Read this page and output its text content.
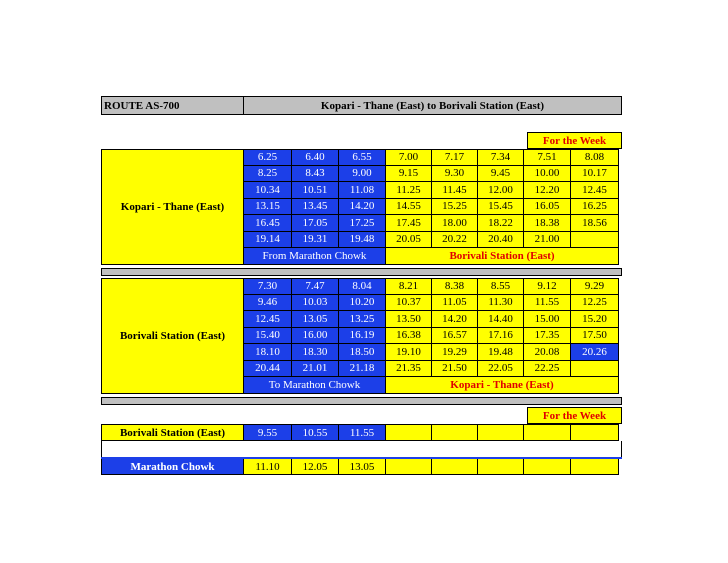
ROUTE AS-700	Kopari - Thane (East) to Borivali Station (East)
For the Week
6.25	6.40	6.55	7.00	7.17	7.34	7.51	8.08
8.25	8.43	9.00	9.15	9.30	9.45	10.00	10.17
10.34	10.51	11.08	11.25	11.45	12.00	12.20	12.45
13.15	13.45	14.20	14.55	15.25	15.45	16.05	16.25
16.45	17.05	17.25	17.45	18.00	18.22	18.38	18.56
19.14	19.31	19.48	20.05	20.22	20.40	21.00
Kopari - Thane (East)
From Marathon Chowk	Borivali Station (East)
7.30	7.47	8.04	8.21	8.38	8.55	9.12	9.29
9.46	10.03	10.20	10.37	11.05	11.30	11.55	12.25
12.45	13.05	13.25	13.50	14.20	14.40	15.00	15.20
15.40	16.00	16.19	16.38	16.57	17.16	17.35	17.50
18.10	18.30	18.50	19.10	19.29	19.48	20.08	20.26
20.44	21.01	21.18	21.35	21.50	22.05	22.25
Borivali Station (East)
To Marathon Chowk	Kopari - Thane (East)
For the Week
Borivali Station (East)	9.55	10.55	11.55
Marathon Chowk	11.10	12.05	13.05
